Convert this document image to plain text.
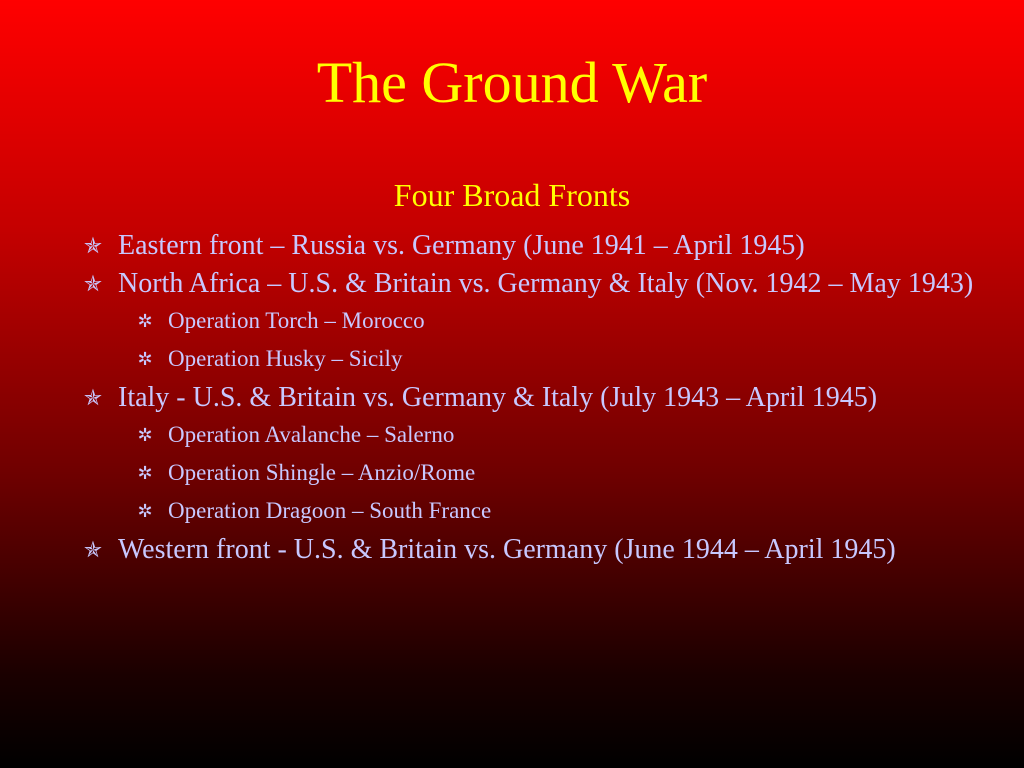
The Ground War
Four Broad Fronts
✯ Eastern front – Russia vs. Germany (June 1941 – April 1945)
✯ North Africa – U.S. & Britain vs. Germany & Italy (Nov. 1942 – May 1943)
✲ Operation Torch – Morocco
✲ Operation Husky – Sicily
✯ Italy - U.S. & Britain vs. Germany & Italy (July 1943 – April 1945)
✲ Operation Avalanche – Salerno
✲ Operation Shingle – Anzio/Rome
✲ Operation Dragoon – South France
✯ Western front - U.S. & Britain vs. Germany (June 1944 – April 1945)
